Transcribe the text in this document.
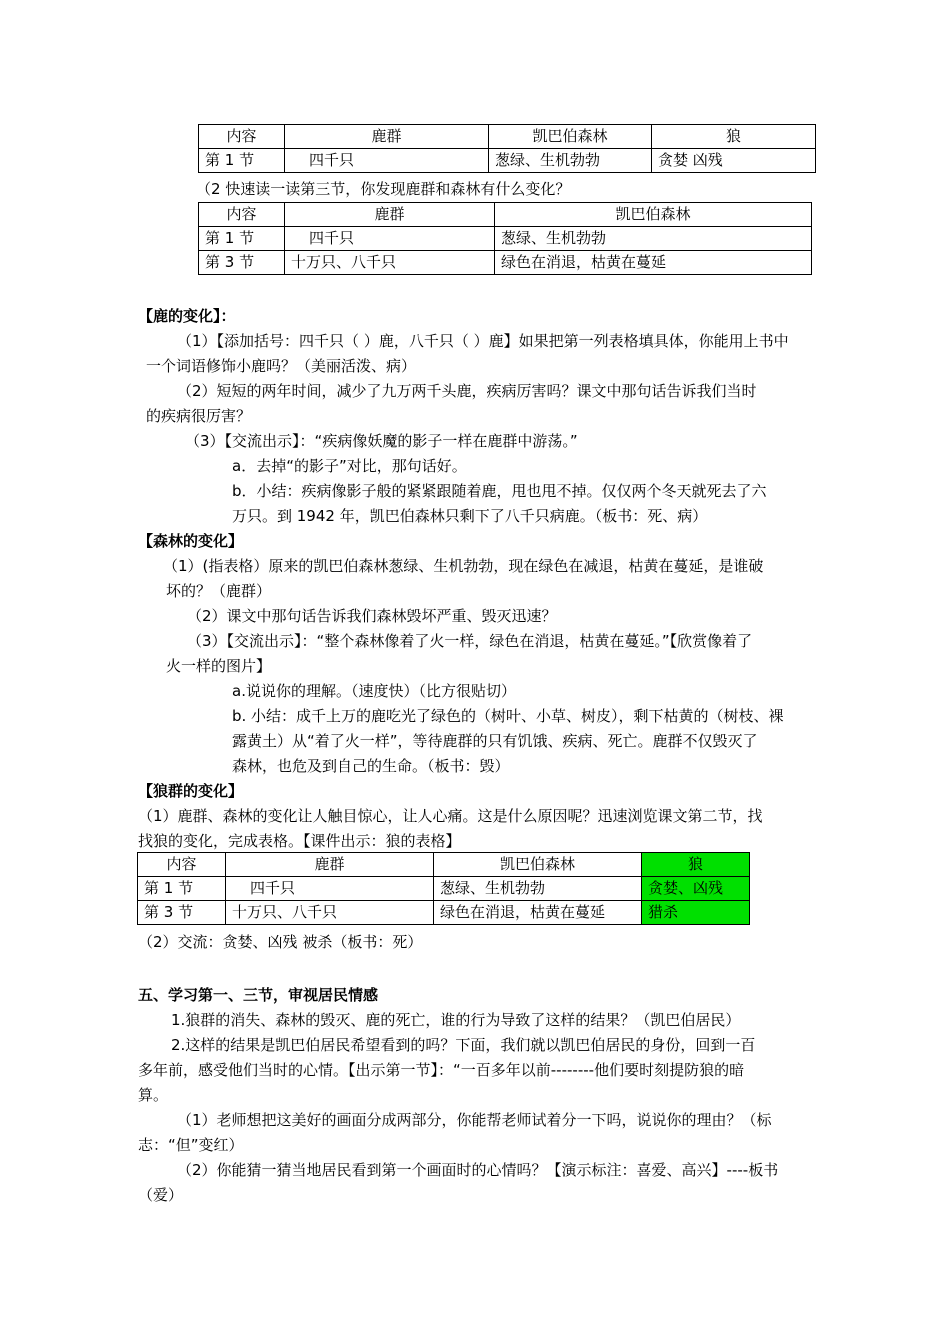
内容	鹿群	凯巴伯森林	狼
第 1 节	四千只	葱绿、生机勃勃	贪婪 凶残
（2 快速读一读第三节，你发现鹿群和森林有什么变化？
内容	鹿群	凯巴伯森林
第 1 节	四千只	葱绿、生机勃勃
第 3 节	十万只、八千只	绿色在消退，枯黄在蔓延
【鹿的变化】：
（1）【添加括号：四千只（ ）鹿，八千只（ ）鹿】如果把第一列表格填具体，你能用上书中
一个词语修饰小鹿吗？（美丽活泼、病）
（2）短短的两年时间，减少了九万两千头鹿，疾病厉害吗？课文中那句话告诉我们当时
的疾病很厉害？
（3）【交流出示】：“疾病像妖魔的影子一样在鹿群中游荡。”
a．去掉“的影子”对比，那句话好。
b．小结：疾病像影子般的紧紧跟随着鹿，甩也甩不掉。仅仅两个冬天就死去了六
万只。到 1942 年，凯巴伯森林只剩下了八千只病鹿。（板书：死、病）
【森林的变化】
（1）(指表格）原来的凯巴伯森林葱绿、生机勃勃，现在绿色在减退，枯黄在蔓延，是谁破
坏的？（鹿群）
（2）课文中那句话告诉我们森林毁坏严重、毁灭迅速？
（3）【交流出示】：“整个森林像着了火一样，绿色在消退，枯黄在蔓延。”【欣赏像着了
火一样的图片】
a.说说你的理解。（速度快）（比方很贴切）
b. 小结：成千上万的鹿吃光了绿色的（树叶、小草、树皮），剩下枯黄的（树枝、裸
露黄土）从“着了火一样”，等待鹿群的只有饥饿、疾病、死亡。鹿群不仅毁灭了
森林，也危及到自己的生命。（板书：毁）
【狼群的变化】
（1）鹿群、森林的变化让人触目惊心，让人心痛。这是什么原因呢？迅速浏览课文第二节，找
找狼的变化，完成表格。【课件出示：狼的表格】
内容	鹿群	凯巴伯森林	狼
第 1 节	四千只	葱绿、生机勃勃	贪婪、凶残
第 3 节	十万只、八千只	绿色在消退，枯黄在蔓延	猎杀
（2）交流：贪婪、凶残 被杀（板书：死）
五、学习第一、三节，审视居民情感
1.狼群的消失、森林的毁灭、鹿的死亡，谁的行为导致了这样的结果？（凯巴伯居民）
2.这样的结果是凯巴伯居民希望看到的吗？下面，我们就以凯巴伯居民的身份，回到一百
多年前，感受他们当时的心情。【出示第一节】：“一百多年以前--------他们要时刻提防狼的暗
算。
（1）老师想把这美好的画面分成两部分，你能帮老师试着分一下吗，说说你的理由？（标
志：“但”变红）
（2）你能猜一猜当地居民看到第一个画面时的心情吗？【演示标注：喜爱、高兴】----板书
（爱）
